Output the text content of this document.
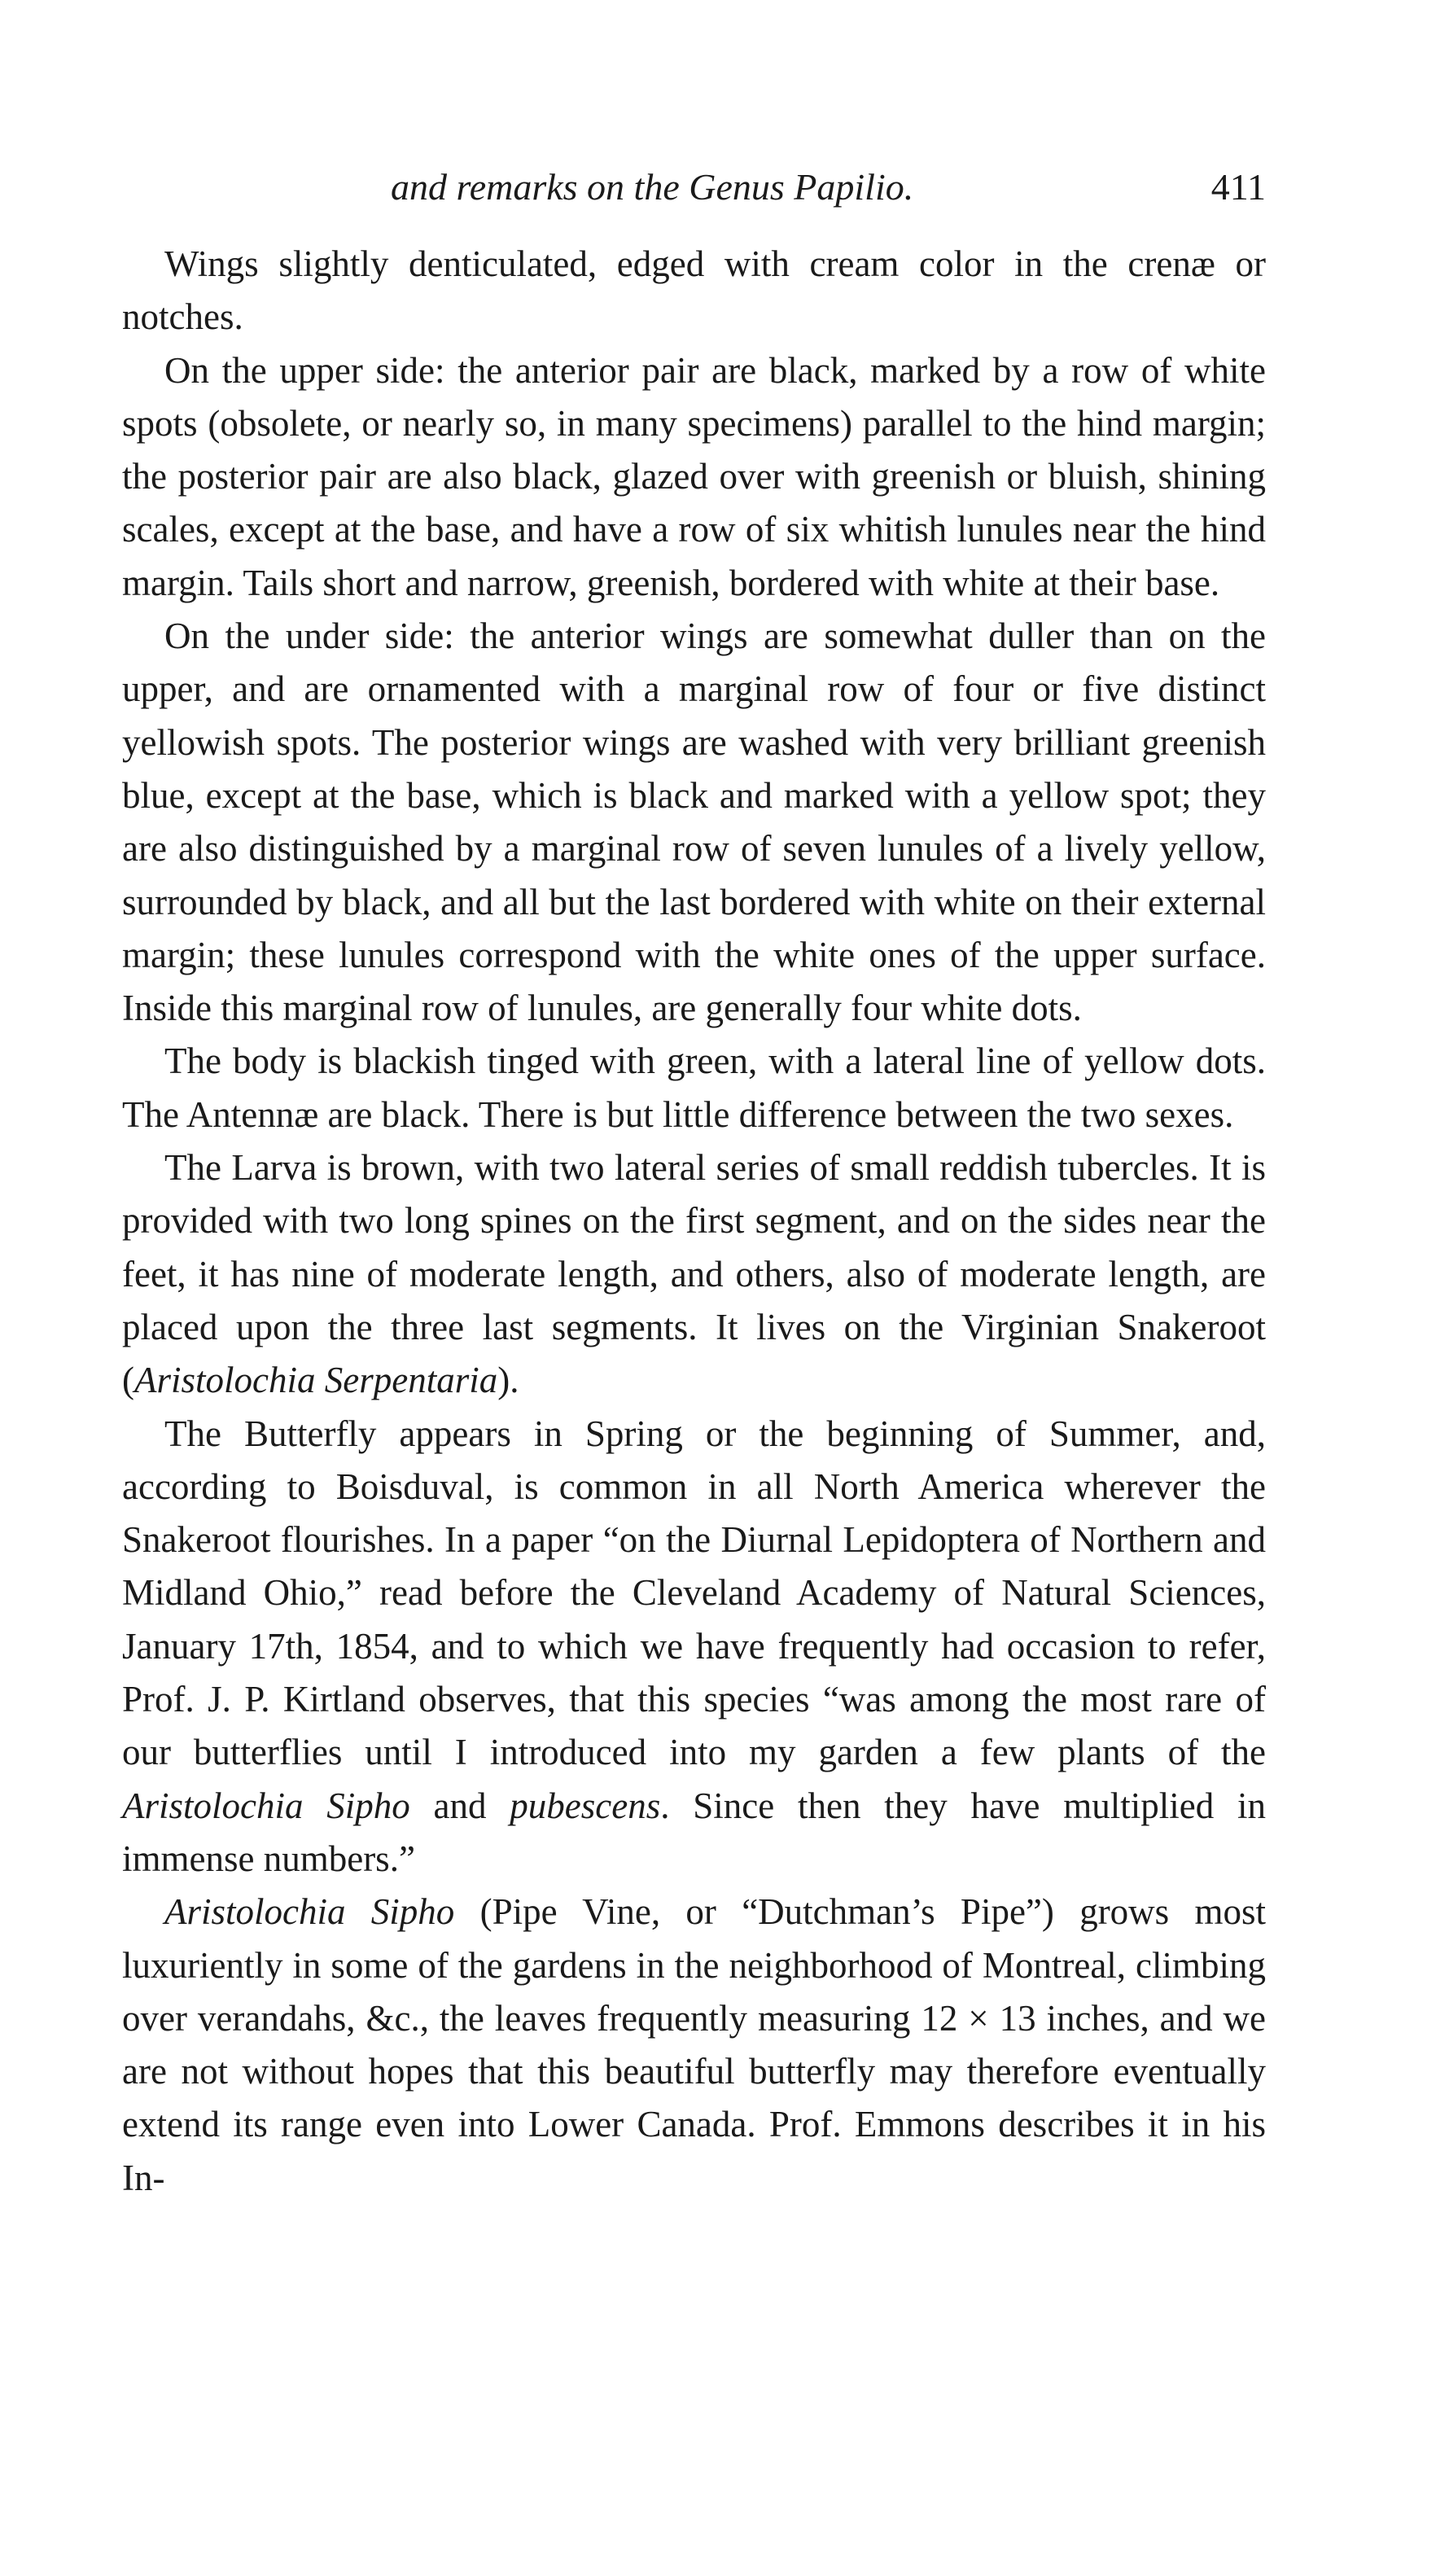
and remarks on the Genus Papilio.	411

Wings slightly denticulated, edged with cream color in the crenæ or notches.

On the upper side: the anterior pair are black, marked by a row of white spots (obsolete, or nearly so, in many specimens) parallel to the hind margin; the posterior pair are also black, glazed over with greenish or bluish, shining scales, except at the base, and have a row of six whitish lunules near the hind margin. Tails short and narrow, greenish, bordered with white at their base.

On the under side: the anterior wings are somewhat duller than on the upper, and are ornamented with a marginal row of four or five distinct yellowish spots. The posterior wings are washed with very brilliant greenish blue, except at the base, which is black and marked with a yellow spot; they are also distinguished by a marginal row of seven lunules of a lively yellow, surrounded by black, and all but the last bordered with white on their external margin; these lunules correspond with the white ones of the upper surface. Inside this marginal row of lunules, are generally four white dots.

The body is blackish tinged with green, with a lateral line of yellow dots. The Antennæ are black. There is but little difference between the two sexes.

The Larva is brown, with two lateral series of small reddish tubercles. It is provided with two long spines on the first segment, and on the sides near the feet, it has nine of moderate length, and others, also of moderate length, are placed upon the three last segments. It lives on the Virginian Snakeroot (Aristolochia Serpentaria).

The Butterfly appears in Spring or the beginning of Summer, and, according to Boisduval, is common in all North America wherever the Snakeroot flourishes. In a paper “on the Diurnal Lepidoptera of Northern and Midland Ohio,” read before the Cleveland Academy of Natural Sciences, January 17th, 1854, and to which we have frequently had occasion to refer, Prof. J. P. Kirtland observes, that this species “was among the most rare of our butterflies until I introduced into my garden a few plants of the Aristolochia Sipho and pubescens. Since then they have multiplied in immense numbers.”

Aristolochia Sipho (Pipe Vine, or “Dutchman’s Pipe”) grows most luxuriently in some of the gardens in the neighborhood of Montreal, climbing over verandahs, &c., the leaves frequently measuring 12 × 13 inches, and we are not without hopes that this beautiful butterfly may therefore eventually extend its range even into Lower Canada. Prof. Emmons describes it in his In-
